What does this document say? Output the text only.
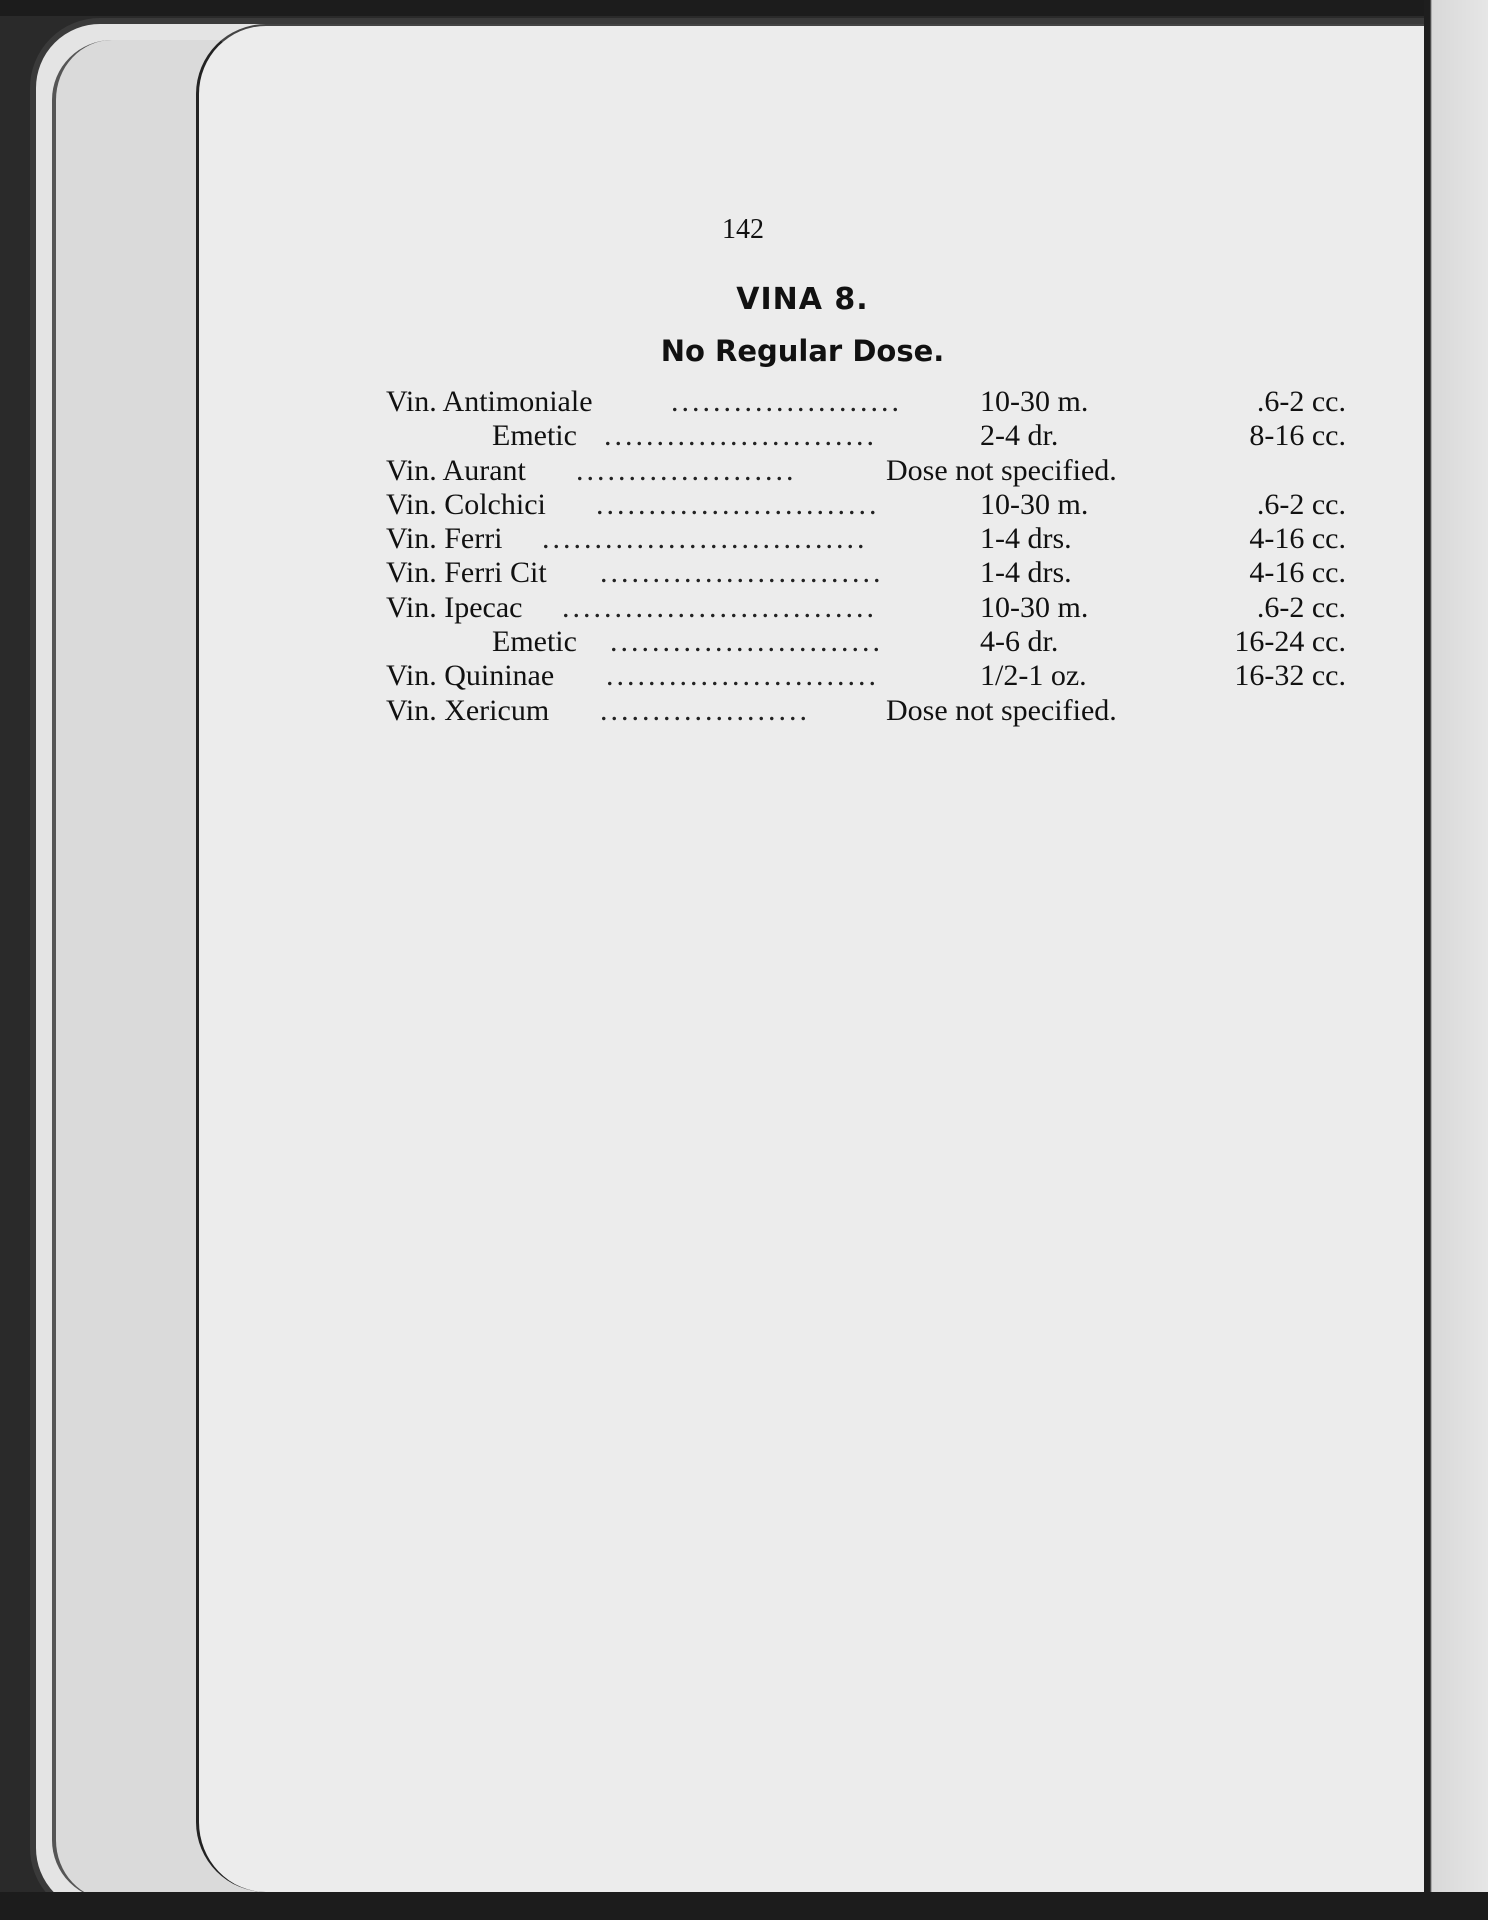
142
VINA 8.
No Regular Dose.
Vin. Antimoniale	......................	10-30 m.	.6-2 cc.
Emetic ..........................	2-4 dr.	8-16 cc.
Vin. Aurant .....................	Dose not specified.
Vin. Colchici ...........................	10-30 m.	.6-2 cc.
Vin. Ferri ...............................	1-4 drs.	4-16 cc.
Vin. Ferri Cit ...........................	1-4 drs.	4-16 cc.
Vin. Ipecac ..............................	10-30 m.	.6-2 cc.
Emetic ..........................	4-6 dr.	16-24 cc.
Vin. Quininae ..........................	1/2-1 oz.	16-32 cc.
Vin. Xericum ....................	Dose not specified.
